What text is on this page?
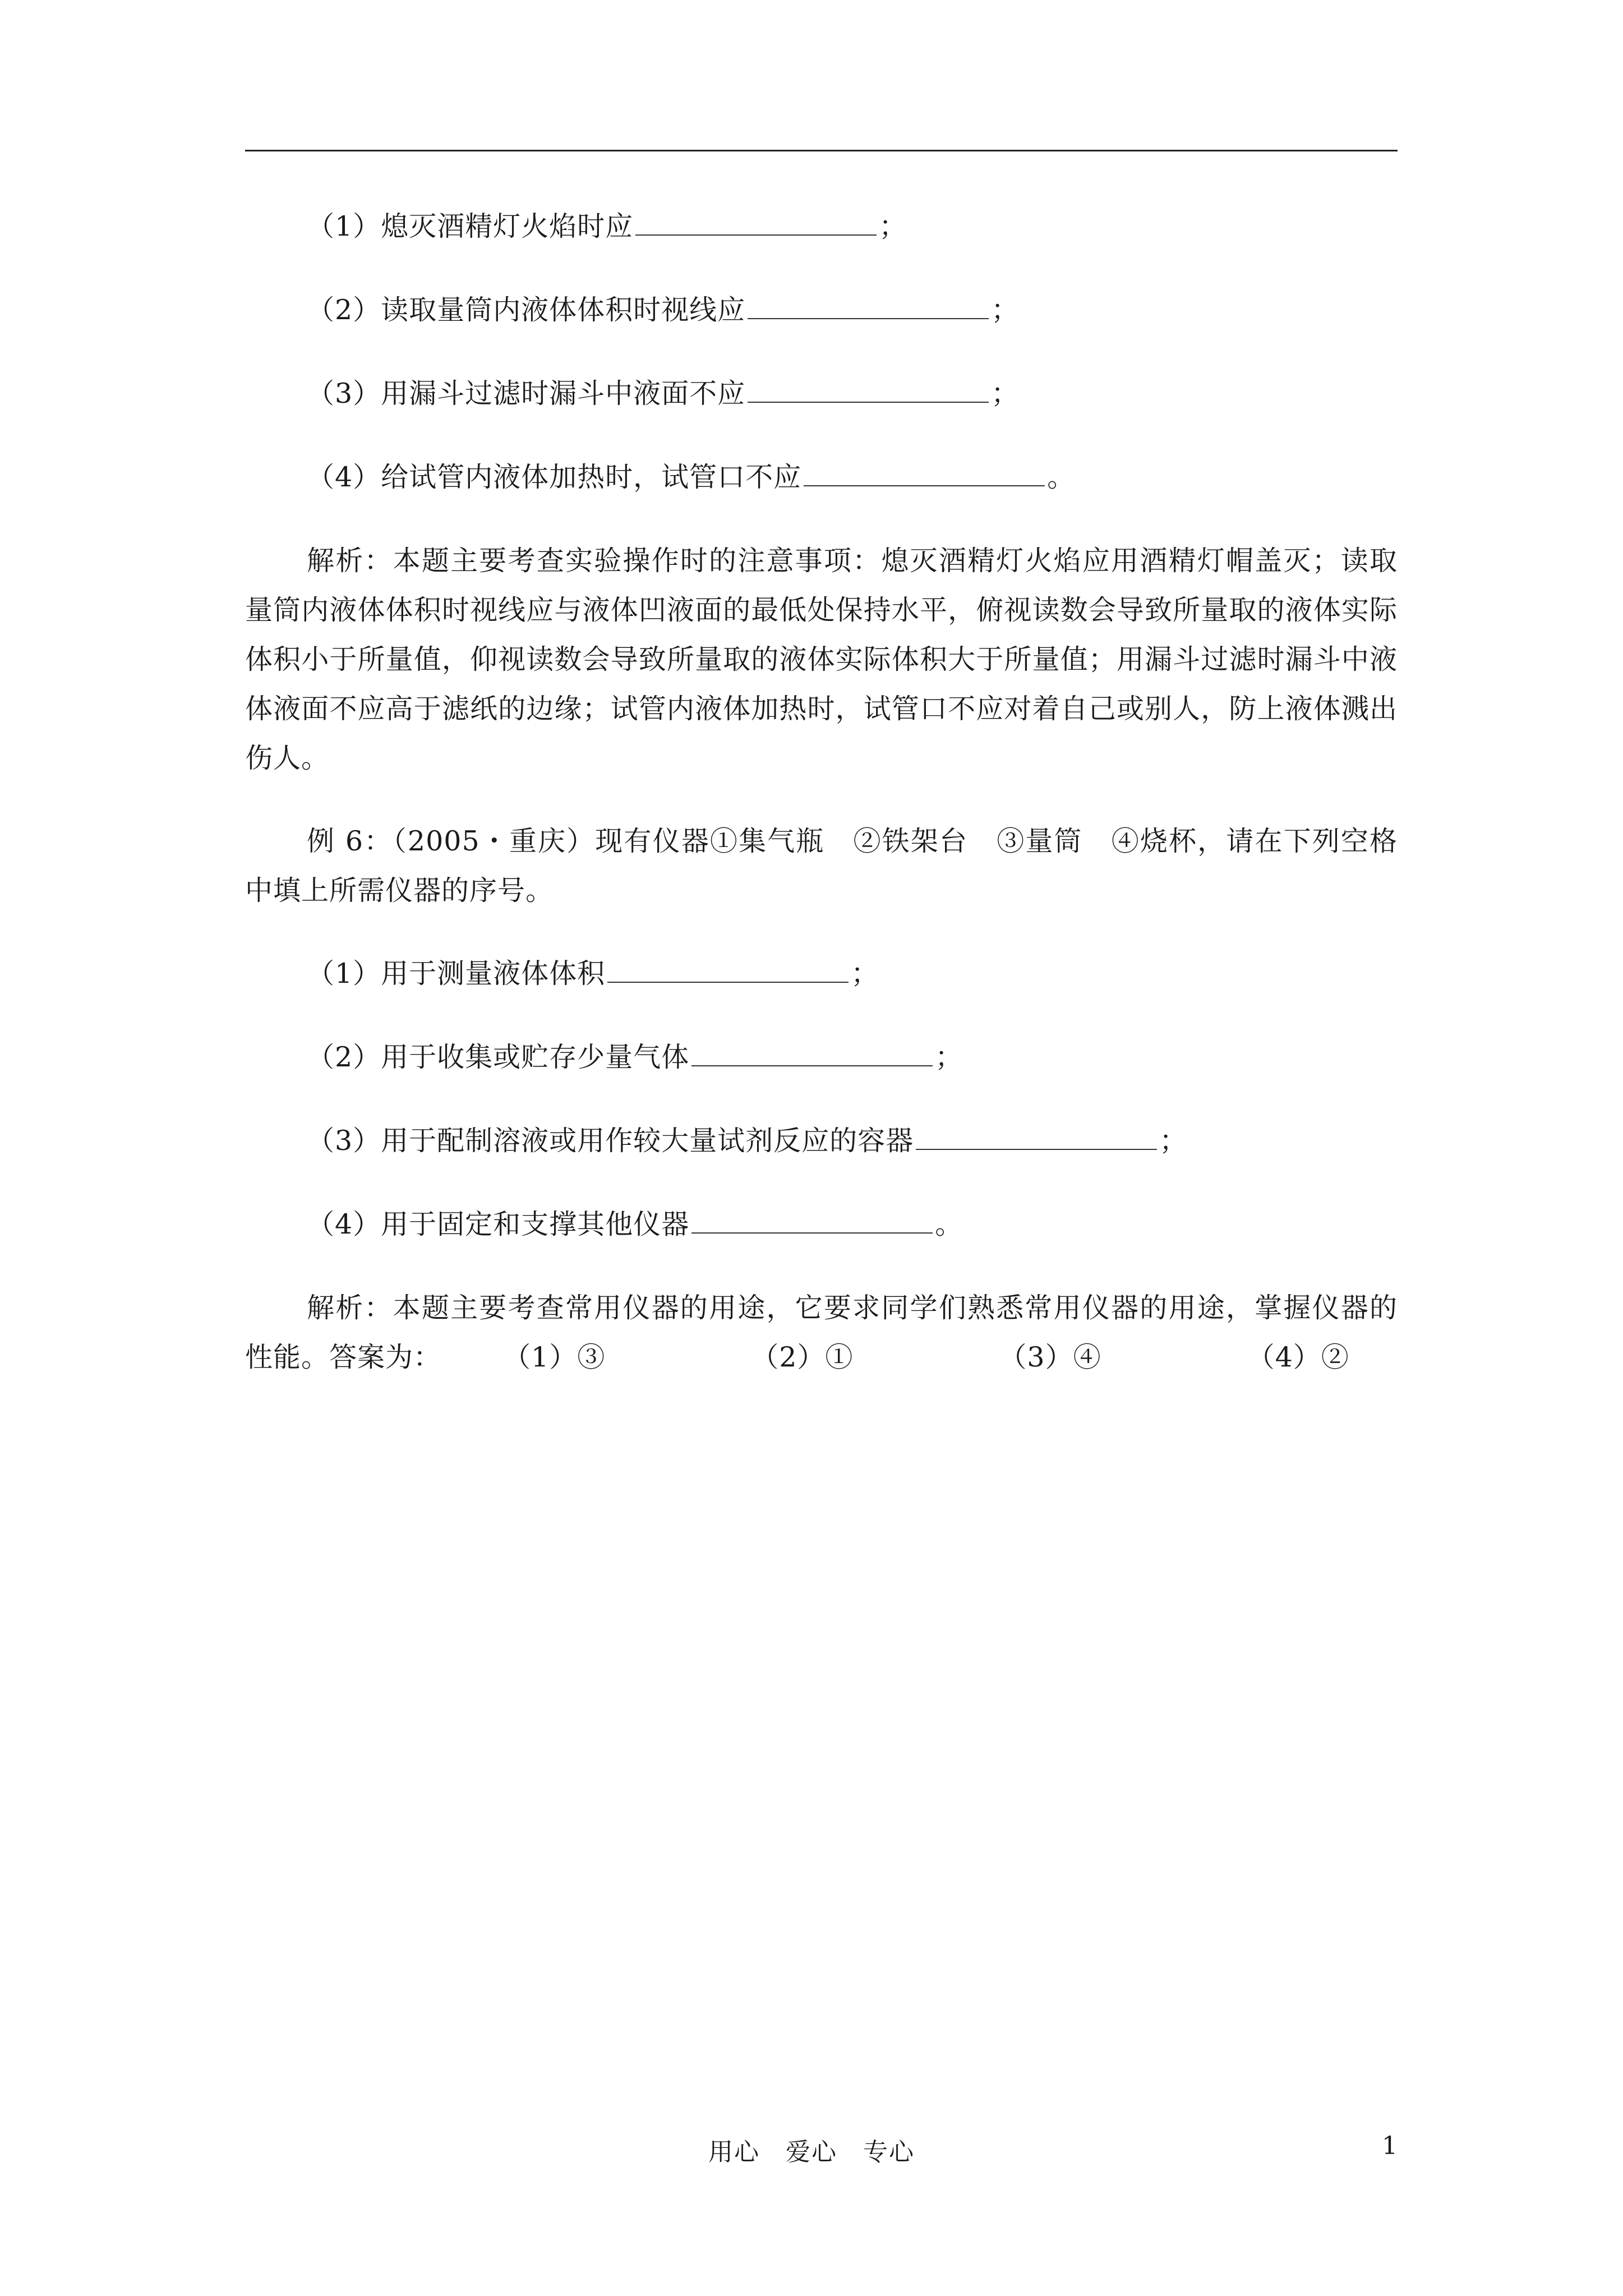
（1）熄灭酒精灯火焰时应	；

（2）读取量筒内液体体积时视线应	；

（3）用漏斗过滤时漏斗中液面不应	；

（4）给试管内液体加热时，试管口不应	。

解析：本题主要考查实验操作时的注意事项：熄灭酒精灯火焰应用酒精灯帽盖灭；读取量筒内液体体积时视线应与液体凹液面的最低处保持水平，俯视读数会导致所量取的液体实际体积小于所量值，仰视读数会导致所量取的液体实际体积大于所量值；用漏斗过滤时漏斗中液体液面不应高于滤纸的边缘；试管内液体加热时，试管口不应对着自己或别人，防上液体溅出伤人。

例 6：（2005・重庆）现有仪器①集气瓶　②铁架台　③量筒　④烧杯，请在下列空格中填上所需仪器的序号。

（1）用于测量液体体积	；

（2）用于收集或贮存少量气体	；

（3）用于配制溶液或用作较大量试剂反应的容器	；

（4）用于固定和支撑其他仪器	。

解析：本题主要考查常用仪器的用途，它要求同学们熟悉常用仪器的用途，掌握仪器的性能。答案为： （1）③	（2）①	（3）④	（4）②

用心　爱心　专心	1
